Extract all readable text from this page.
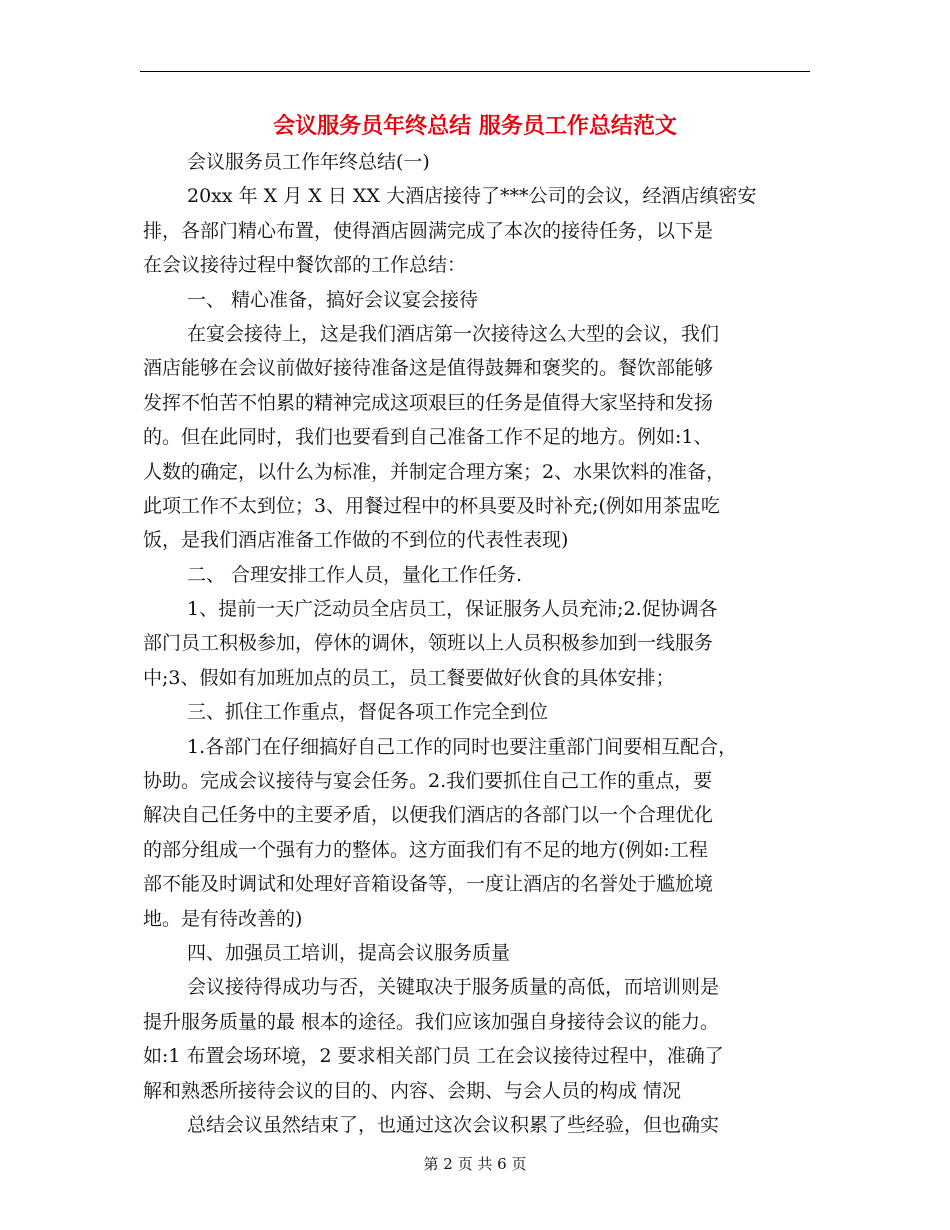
会议服务员年终总结 服务员工作总结范文
会议服务员工作年终总结(一)
20xx 年 X 月 X 日 XX 大酒店接待了***公司的会议，经酒店缜密安
排，各部门精心布置，使得酒店圆满完成了本次的接待任务，以下是
在会议接待过程中餐饮部的工作总结：
一、 精心准备，搞好会议宴会接待
在宴会接待上，这是我们酒店第一次接待这么大型的会议，我们
酒店能够在会议前做好接待准备这是值得鼓舞和褒奖的。餐饮部能够
发挥不怕苦不怕累的精神完成这项艰巨的任务是值得大家坚持和发扬
的。但在此同时，我们也要看到自己准备工作不足的地方。例如:1、
人数的确定，以什么为标准，并制定合理方案；2、水果饮料的准备，
此项工作不太到位；3、用餐过程中的杯具要及时补充;(例如用茶盅吃
饭，是我们酒店准备工作做的不到位的代表性表现)
二、 合理安排工作人员，量化工作任务.
1、提前一天广泛动员全店员工，保证服务人员充沛;2.促协调各
部门员工积极参加，停休的调休，领班以上人员积极参加到一线服务
中;3、假如有加班加点的员工，员工餐要做好伙食的具体安排；
三、抓住工作重点，督促各项工作完全到位
1.各部门在仔细搞好自己工作的同时也要注重部门间要相互配合，
协助。完成会议接待与宴会任务。2.我们要抓住自己工作的重点，要
解决自己任务中的主要矛盾，以便我们酒店的各部门以一个合理优化
的部分组成一个强有力的整体。这方面我们有不足的地方(例如:工程
部不能及时调试和处理好音箱设备等，一度让酒店的名誉处于尴尬境
地。是有待改善的)
四、加强员工培训，提高会议服务质量
会议接待得成功与否，关键取决于服务质量的高低，而培训则是
提升服务质量的最 根本的途径。我们应该加强自身接待会议的能力。
如:1 布置会场环境，2 要求相关部门员 工在会议接待过程中，准确了
解和熟悉所接待会议的目的、内容、会期、与会人员的构成 情况
总结会议虽然结束了，也通过这次会议积累了些经验，但也确实
第 2 页 共 6 页
